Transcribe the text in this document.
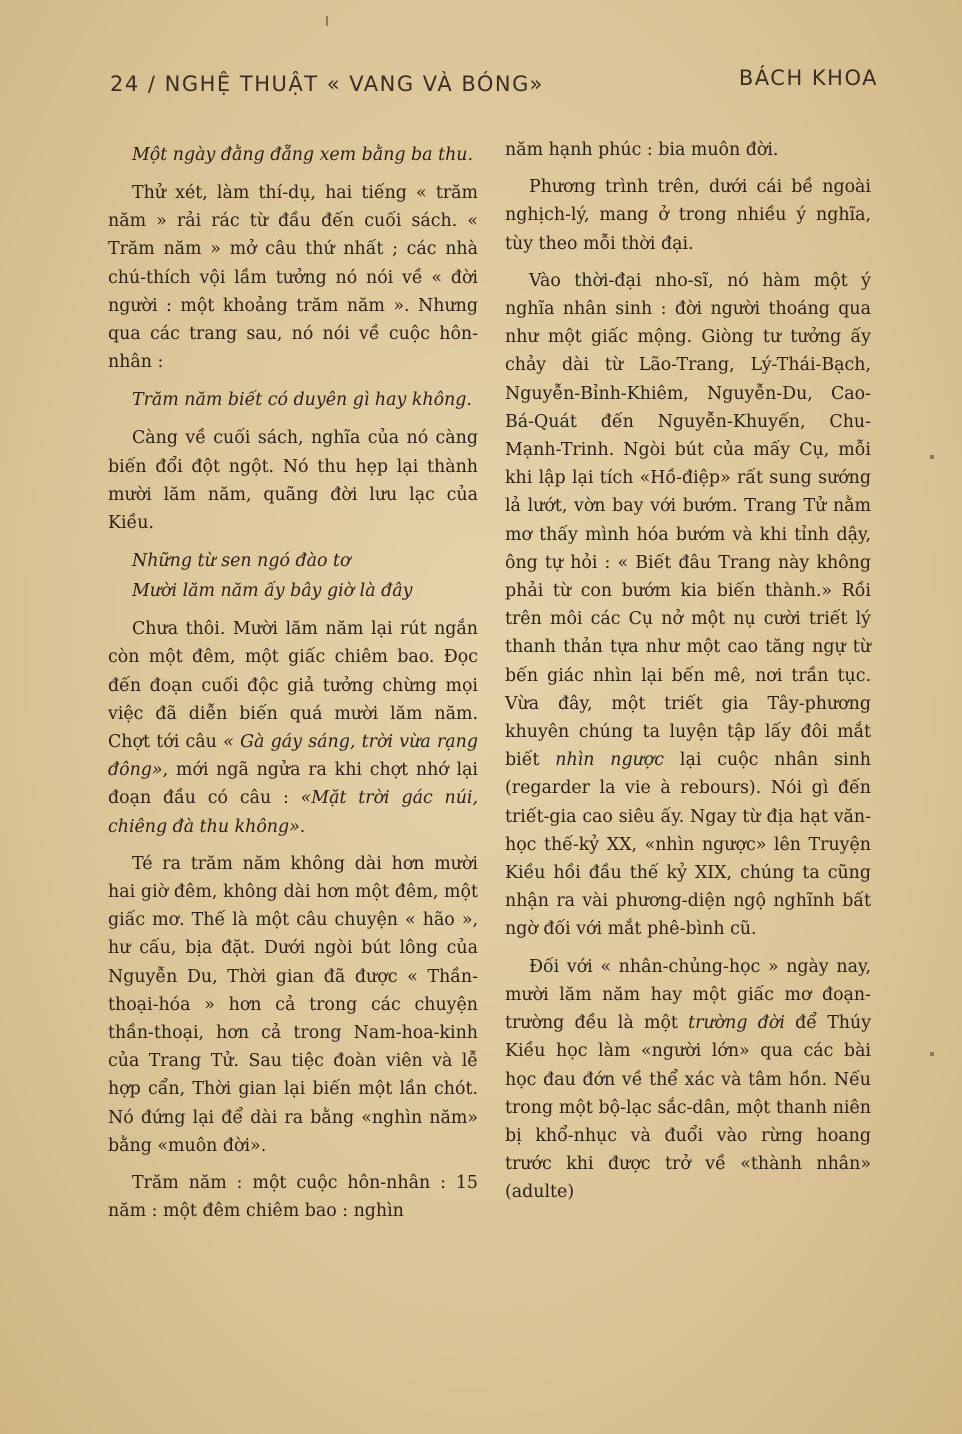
24 / NGHỆ THUẬT « VANG VÀ BÓNG»	BÁCH KHOA
Một ngày đằng đẵng xem bằng ba thu.

Thử xét, làm thí-dụ, hai tiếng « trăm năm » rải rác từ đầu đến cuối sách. « Trăm năm » mở câu thứ nhất ; các nhà chú-thích vội lầm tưởng nó nói về « đời người : một khoảng trăm năm ». Nhưng qua các trang sau, nó nói về cuộc hôn-nhân :

Trăm năm biết có duyên gì hay không.

Càng về cuối sách, nghĩa của nó càng biến đổi đột ngột. Nó thu hẹp lại thành mười lăm năm, quãng đời lưu lạc của Kiều.

Những từ sen ngó đào tơ
Mười lăm năm ấy bây giờ là đây

Chưa thôi. Mười lăm năm lại rút ngắn còn một đêm, một giấc chiêm bao. Đọc đến đoạn cuối độc giả tưởng chừng mọi việc đã diễn biến quá mười lăm năm. Chợt tới câu « Gà gáy sáng, trời vừa rạng đông», mới ngã ngửa ra khi chợt nhớ lại đoạn đầu có câu : «Mặt trời gác núi, chiêng đà thu không».

Té ra trăm năm không dài hơn mười hai giờ đêm, không dài hơn một đêm, một giấc mơ. Thế là một câu chuyện « hão », hư cấu, bịa đặt. Dưới ngòi bút lông của Nguyễn Du, Thời gian đã được « Thần-thoại-hóa » hơn cả trong các chuyện thần-thoại, hơn cả trong Nam-hoa-kinh của Trang Tử. Sau tiệc đoàn viên và lễ hợp cẩn, Thời gian lại biến một lần chót. Nó đứng lại để dài ra bằng «nghìn năm» bằng «muôn đời».

Trăm năm : một cuộc hôn-nhân : 15 năm : một đêm chiêm bao : nghìn

năm hạnh phúc : bia muôn đời.

Phương trình trên, dưới cái bề ngoài nghịch-lý, mang ở trong nhiều ý nghĩa, tùy theo mỗi thời đại.

Vào thời-đại nho-sĩ, nó hàm một ý nghĩa nhân sinh : đời người thoáng qua như một giấc mộng. Giòng tư tưởng ấy chảy dài từ Lão-Trang, Lý-Thái-Bạch, Nguyễn-Bỉnh-Khiêm, Nguyễn-Du, Cao-Bá-Quát đến Nguyễn-Khuyến, Chu-Mạnh-Trinh. Ngòi bút của mấy Cụ, mỗi khi lập lại tích «Hồ-điệp» rất sung sướng lả lướt, vờn bay với bướm. Trang Tử nằm mơ thấy mình hóa bướm và khi tỉnh dậy, ông tự hỏi : « Biết đâu Trang này không phải từ con bướm kia biến thành.» Rồi trên môi các Cụ nở một nụ cười triết lý thanh thản tựa như một cao tăng ngự từ bến giác nhìn lại bến mê, nơi trần tục. Vừa đây, một triết gia Tây-phương khuyên chúng ta luyện tập lấy đôi mắt biết nhìn ngược lại cuộc nhân sinh (regarder la vie à rebours). Nói gì đến triết-gia cao siêu ấy. Ngay từ địa hạt văn-học thế-kỷ XX, «nhìn ngược» lên Truyện Kiều hồi đầu thế kỷ XIX, chúng ta cũng nhận ra vài phương-diện ngộ nghĩnh bất ngờ đối với mắt phê-bình cũ.

Đối với « nhân-chủng-học » ngày nay, mười lăm năm hay một giấc mơ đoạn-trường đều là một trường đời để Thúy Kiều học làm «người lớn» qua các bài học đau đớn về thể xác và tâm hồn. Nếu trong một bộ-lạc sắc-dân, một thanh niên bị khổ-nhục và đuổi vào rừng hoang trước khi được trở về «thành nhân» (adulte)
